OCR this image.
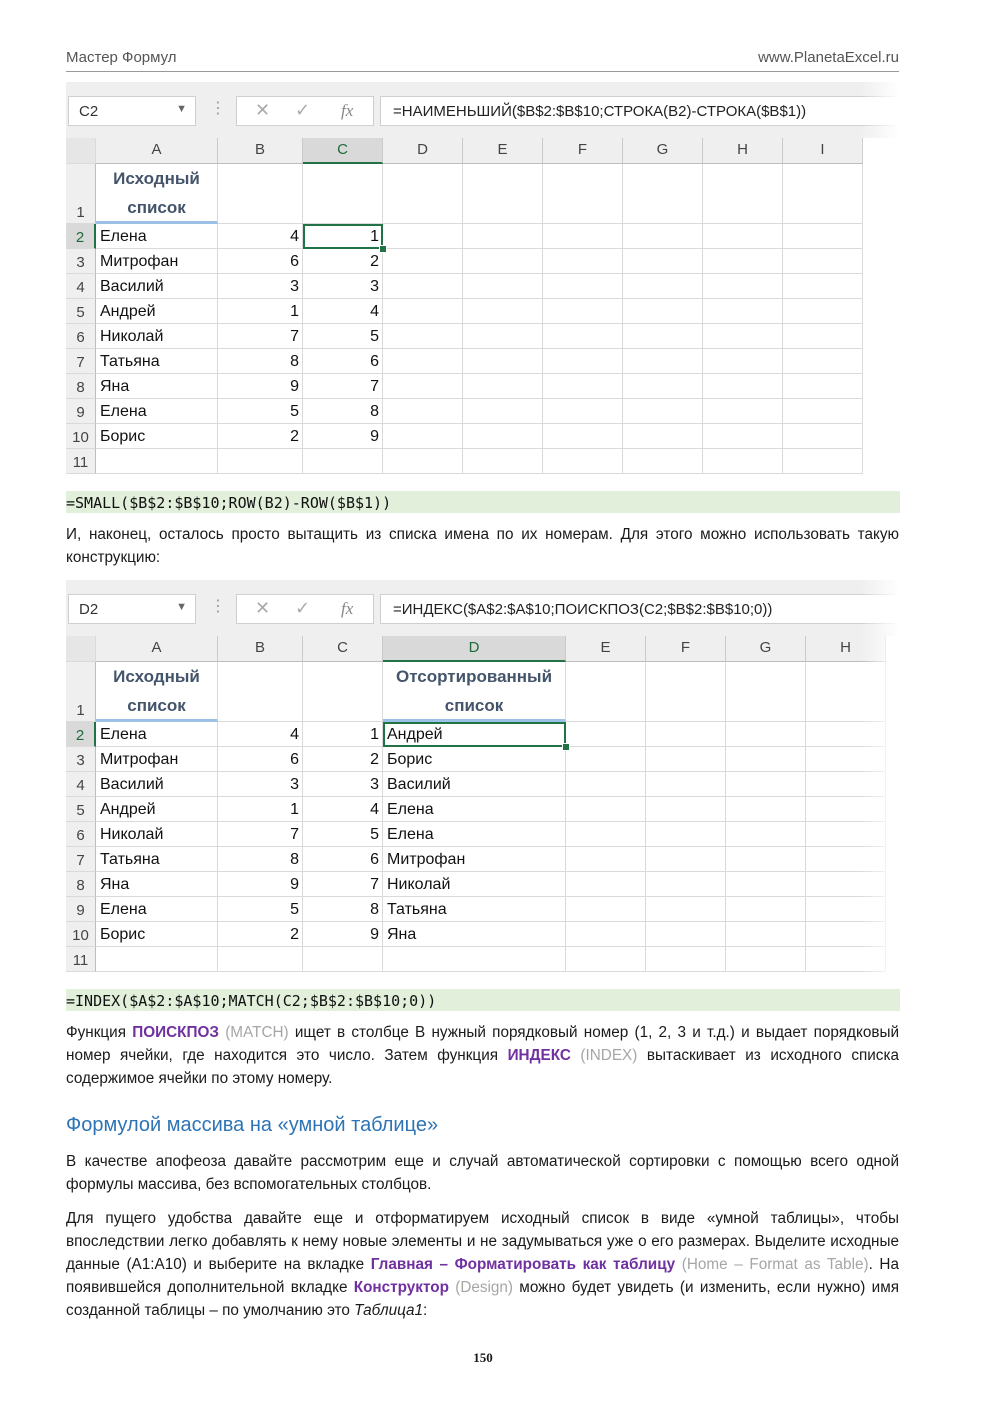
Мастер Формул	www.PlanetaExcel.ru
C2	▼ ⋮ ✕ ✓ fx	=НАИМЕНЬШИЙ($B$2:$B$10;СТРОКА(B2)-СТРОКА($B$1))
A	B	C	D	E	F	G	H	I
1
Исходный
список
2 Елена	4	1
3 Митрофан	6	2
4 Василий	3	3
5 Андрей	1	4
6 Николай	7	5
7 Татьяна	8	6
8 Яна	9	7
9 Елена	5	8
10 Борис	2	9
11
=SMALL($B$2:$B$10;ROW(B2)-ROW($B$1))
И, наконец, осталось просто вытащить из списка имена по их номерам. Для этого можно использовать такую конструкцию:
D2	▼ ⋮ ✕ ✓ fx	=ИНДЕКС($A$2:$A$10;ПОИСКПОЗ(C2;$B$2:$B$10;0))
A	B	C	D	E	F	G	H
1
Исходный
список
Отсортированный
список
2 Елена	4	1 Андрей
3 Митрофан	6	2 Борис
4 Василий	3	3 Василий
5 Андрей	1	4 Елена
6 Николай	7	5 Елена
7 Татьяна	8	6 Митрофан
8 Яна	9	7 Николай
9 Елена	5	8 Татьяна
10 Борис	2	9 Яна
11
=INDEX($A$2:$A$10;MATCH(C2;$B$2:$B$10;0))
Функция ПОИСКПОЗ (MATCH) ищет в столбце B нужный порядковый номер (1, 2, 3 и т.д.) и выдает порядковый номер ячейки, где находится это число. Затем функция ИНДЕКС (INDEX) вытаскивает из исходного списка содержимое ячейки по этому номеру.
Формулой массива на «умной таблице»
В качестве апофеоза давайте рассмотрим еще и случай автоматической сортировки с помощью всего одной формулы массива, без вспомогательных столбцов.
Для пущего удобства давайте еще и отформатируем исходный список в виде «умной таблицы», чтобы впоследствии легко добавлять к нему новые элементы и не задумываться уже о его размерах. Выделите исходные данные (A1:A10) и выберите на вкладке Главная – Форматировать как таблицу (Home – Format as Table). На появившейся дополнительной вкладке Конструктор (Design) можно будет увидеть (и изменить, если нужно) имя созданной таблицы – по умолчанию это Таблица1:
150
